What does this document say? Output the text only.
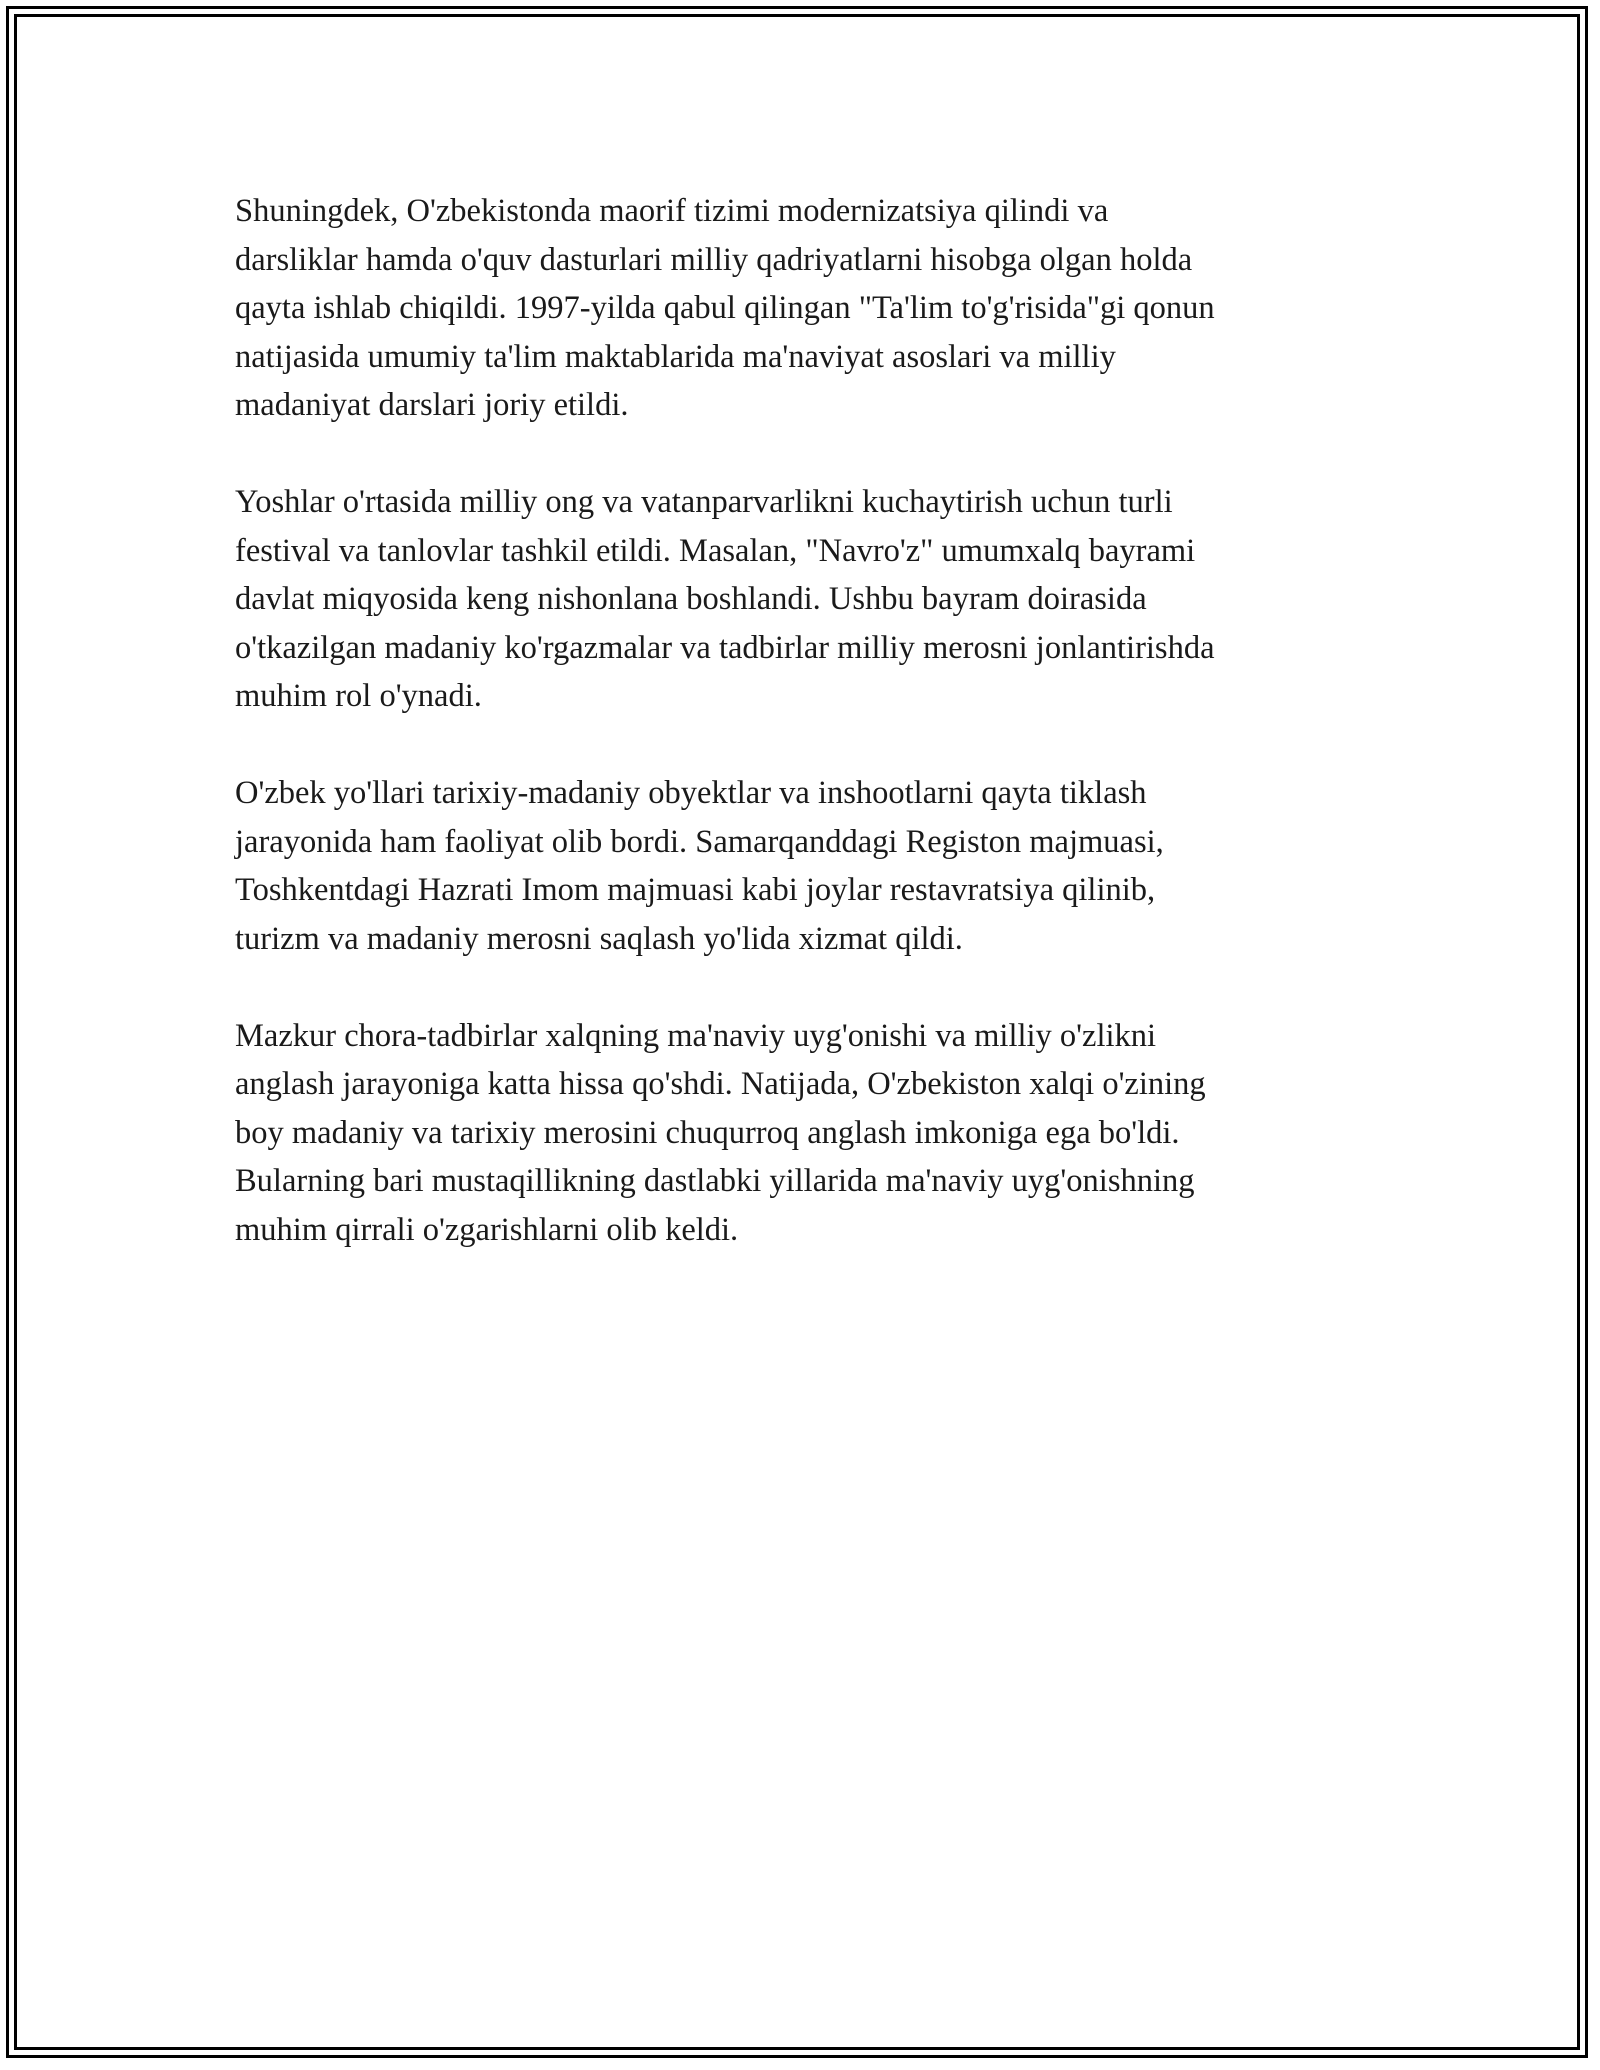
Shuningdek, O'zbekistonda maorif tizimi modernizatsiya qilindi va
darsliklar hamda o'quv dasturlari milliy qadriyatlarni hisobga olgan holda
qayta ishlab chiqildi. 1997-yilda qabul qilingan "Ta'lim to'g'risida"gi qonun
natijasida umumiy ta'lim maktablarida ma'naviyat asoslari va milliy
madaniyat darslari joriy etildi.

Yoshlar o'rtasida milliy ong va vatanparvarlikni kuchaytirish uchun turli
festival va tanlovlar tashkil etildi. Masalan, "Navro'z" umumxalq bayrami
davlat miqyosida keng nishonlana boshlandi. Ushbu bayram doirasida
o'tkazilgan madaniy ko'rgazmalar va tadbirlar milliy merosni jonlantirishda
muhim rol o'ynadi.

O'zbek yo'llari tarixiy-madaniy obyektlar va inshootlarni qayta tiklash
jarayonida ham faoliyat olib bordi. Samarqanddagi Registon majmuasi,
Toshkentdagi Hazrati Imom majmuasi kabi joylar restavratsiya qilinib,
turizm va madaniy merosni saqlash yo'lida xizmat qildi.

Mazkur chora-tadbirlar xalqning ma'naviy uyg'onishi va milliy o'zlikni
anglash jarayoniga katta hissa qo'shdi. Natijada, O'zbekiston xalqi o'zining
boy madaniy va tarixiy merosini chuqurroq anglash imkoniga ega bo'ldi.
Bularning bari mustaqillikning dastlabki yillarida ma'naviy uyg'onishning
muhim qirrali o'zgarishlarni olib keldi.
